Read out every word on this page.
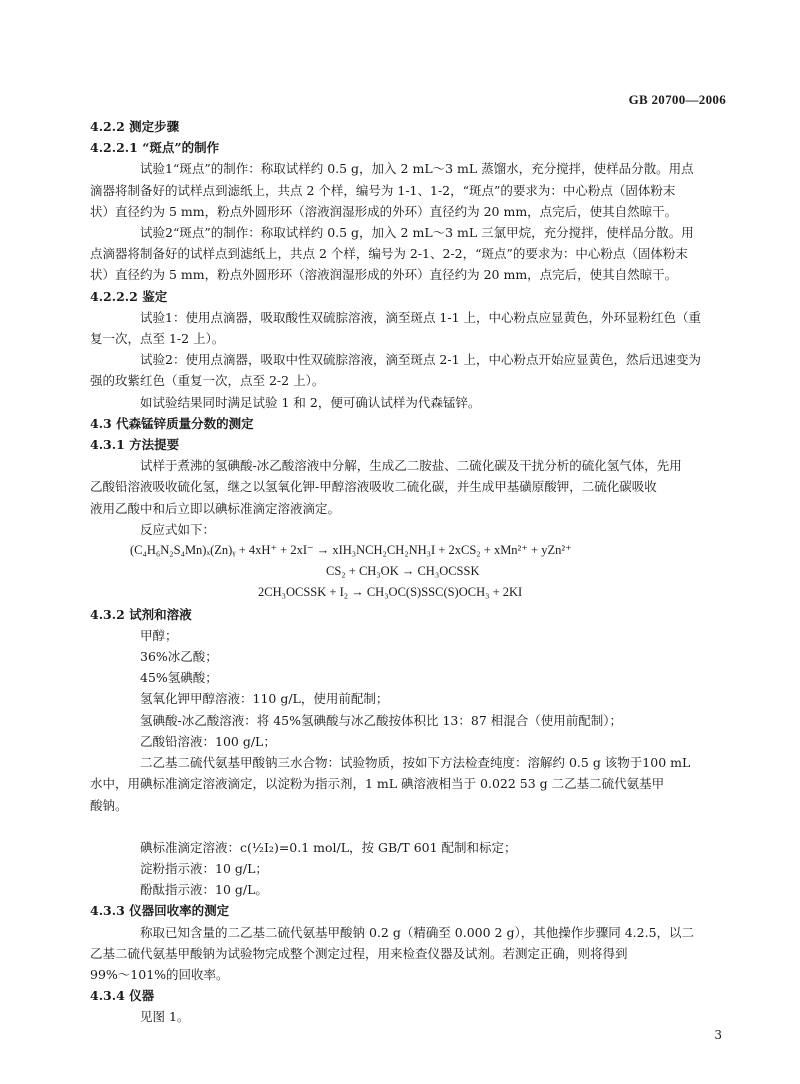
GB 20700—2006
4.2.2 测定步骤
4.2.2.1 “斑点”的制作
试验1“斑点”的制作：称取试样约 0.5 g，加入 2 mL～3 mL 蒸馏水，充分搅拌，使样品分散。用点
滴器将制备好的试样点到滤纸上，共点 2 个样，编号为 1-1、1-2，“斑点”的要求为：中心粉点（固体粉末
状）直径约为 5 mm，粉点外圆形环（溶液润湿形成的外环）直径约为 20 mm，点完后，使其自然晾干。
试验2“斑点”的制作：称取试样约 0.5 g，加入 2 mL～3 mL 三氯甲烷，充分搅拌，使样品分散。用
点滴器将制备好的试样点到滤纸上，共点 2 个样，编号为 2-1、2-2，“斑点”的要求为：中心粉点（固体粉末
状）直径约为 5 mm，粉点外圆形环（溶液润湿形成的外环）直径约为 20 mm，点完后，使其自然晾干。
4.2.2.2 鉴定
试验1：使用点滴器，吸取酸性双硫腙溶液，滴至斑点 1-1 上，中心粉点应显黄色，外环显粉红色（重
复一次，点至 1-2 上）。
试验2：使用点滴器，吸取中性双硫腙溶液，滴至斑点 2-1 上，中心粉点开始应显黄色，然后迅速变为
强的玫紫红色（重复一次，点至 2-2 上）。
如试验结果同时满足试验 1 和 2，便可确认试样为代森锰锌。
4.3 代森锰锌质量分数的测定
4.3.1 方法提要
试样于煮沸的氢碘酸-冰乙酸溶液中分解，生成乙二胺盐、二硫化碳及干扰分析的硫化氢气体，先用
乙酸铅溶液吸收硫化氢，继之以氢氧化钾-甲醇溶液吸收二硫化碳，并生成甲基磺原酸钾，二硫化碳吸收
液用乙酸中和后立即以碘标准滴定溶液滴定。
反应式如下：
(C₄H₆N₂S₄Mn)ₓ(Zn)ᵧ + 4xH⁺ + 2xI⁻ → xIH₃NCH₂CH₂NH₃I + 2xCS₂ + xMn²⁺ + yZn²⁺
CS₂ + CH₃OK → CH₃OCSSK
2CH₃OCSSK + I₂ → CH₃OC(S)SSC(S)OCH₃ + 2KI
4.3.2 试剂和溶液
甲醇；
36%冰乙酸；
45%氢碘酸；
氢氧化钾甲醇溶液：110 g/L，使用前配制；
氢碘酸-冰乙酸溶液：将 45%氢碘酸与冰乙酸按体积比 13：87 相混合（使用前配制）；
乙酸铅溶液：100 g/L；
二乙基二硫代氨基甲酸钠三水合物：试验物质，按如下方法检查纯度：溶解约 0.5 g 该物于100 mL
水中，用碘标准滴定溶液滴定，以淀粉为指示剂，1 mL 碘溶液相当于 0.022 53 g 二乙基二硫代氨基甲
酸钠。
碘标准滴定溶液：c(½I₂)=0.1 mol/L，按 GB/T 601 配制和标定；
淀粉指示液：10 g/L；
酚酞指示液：10 g/L。
4.3.3 仪器回收率的测定
称取已知含量的二乙基二硫代氨基甲酸钠 0.2 g（精确至 0.000 2 g），其他操作步骤同 4.2.5，以二
乙基二硫代氨基甲酸钠为试验物完成整个测定过程，用来检查仪器及试剂。若测定正确，则将得到
99%～101%的回收率。
4.3.4 仪器
见图 1。
3
